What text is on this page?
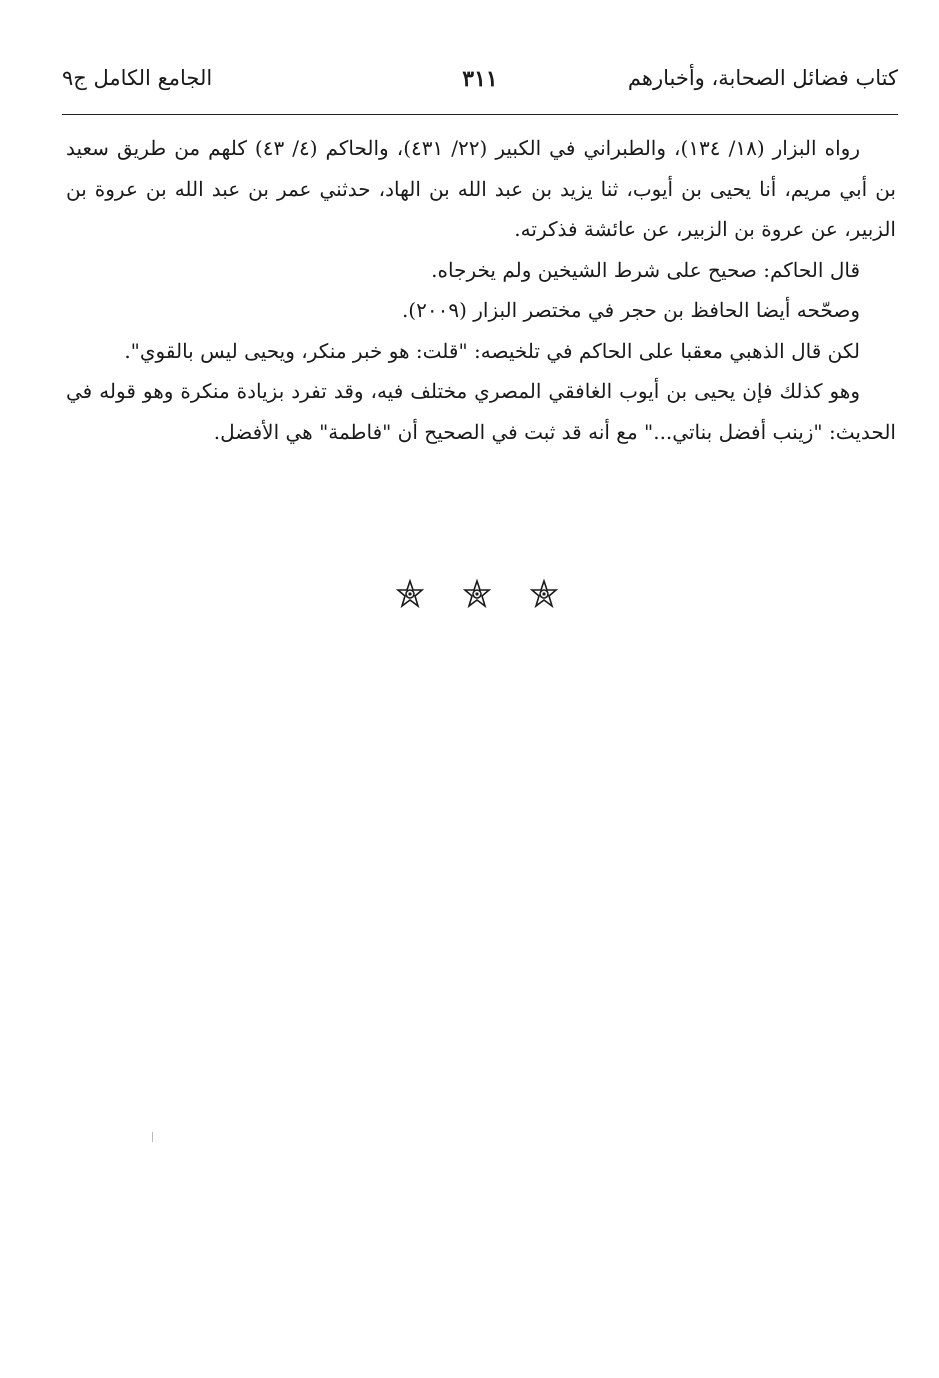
كتاب فضائل الصحابة، وأخبارهم
٣١١
الجامع الكامل ج٩

رواه البزار (١٨/ ١٣٤)، والطبراني في الكبير (٢٢/ ٤٣١)، والحاكم (٤/ ٤٣) كلهم من طريق سعيد بن أبي مريم، أنا يحيى بن أيوب، ثنا يزيد بن عبد الله بن الهاد، حدثني عمر بن عبد الله بن عروة بن الزبير، عن عروة بن الزبير، عن عائشة فذكرته.

قال الحاكم: صحيح على شرط الشيخين ولم يخرجاه.

وصحّحه أيضا الحافظ بن حجر في مختصر البزار (٢٠٠٩).

لكن قال الذهبي معقبا على الحاكم في تلخيصه: "قلت: هو خبر منكر، ويحيى ليس بالقوي".

وهو كذلك فإن يحيى بن أيوب الغافقي المصري مختلف فيه، وقد تفرد بزيادة منكرة وهو قوله في الحديث: "زينب أفضل بناتي..." مع أنه قد ثبت في الصحيح أن "فاطمة" هي الأفضل.
